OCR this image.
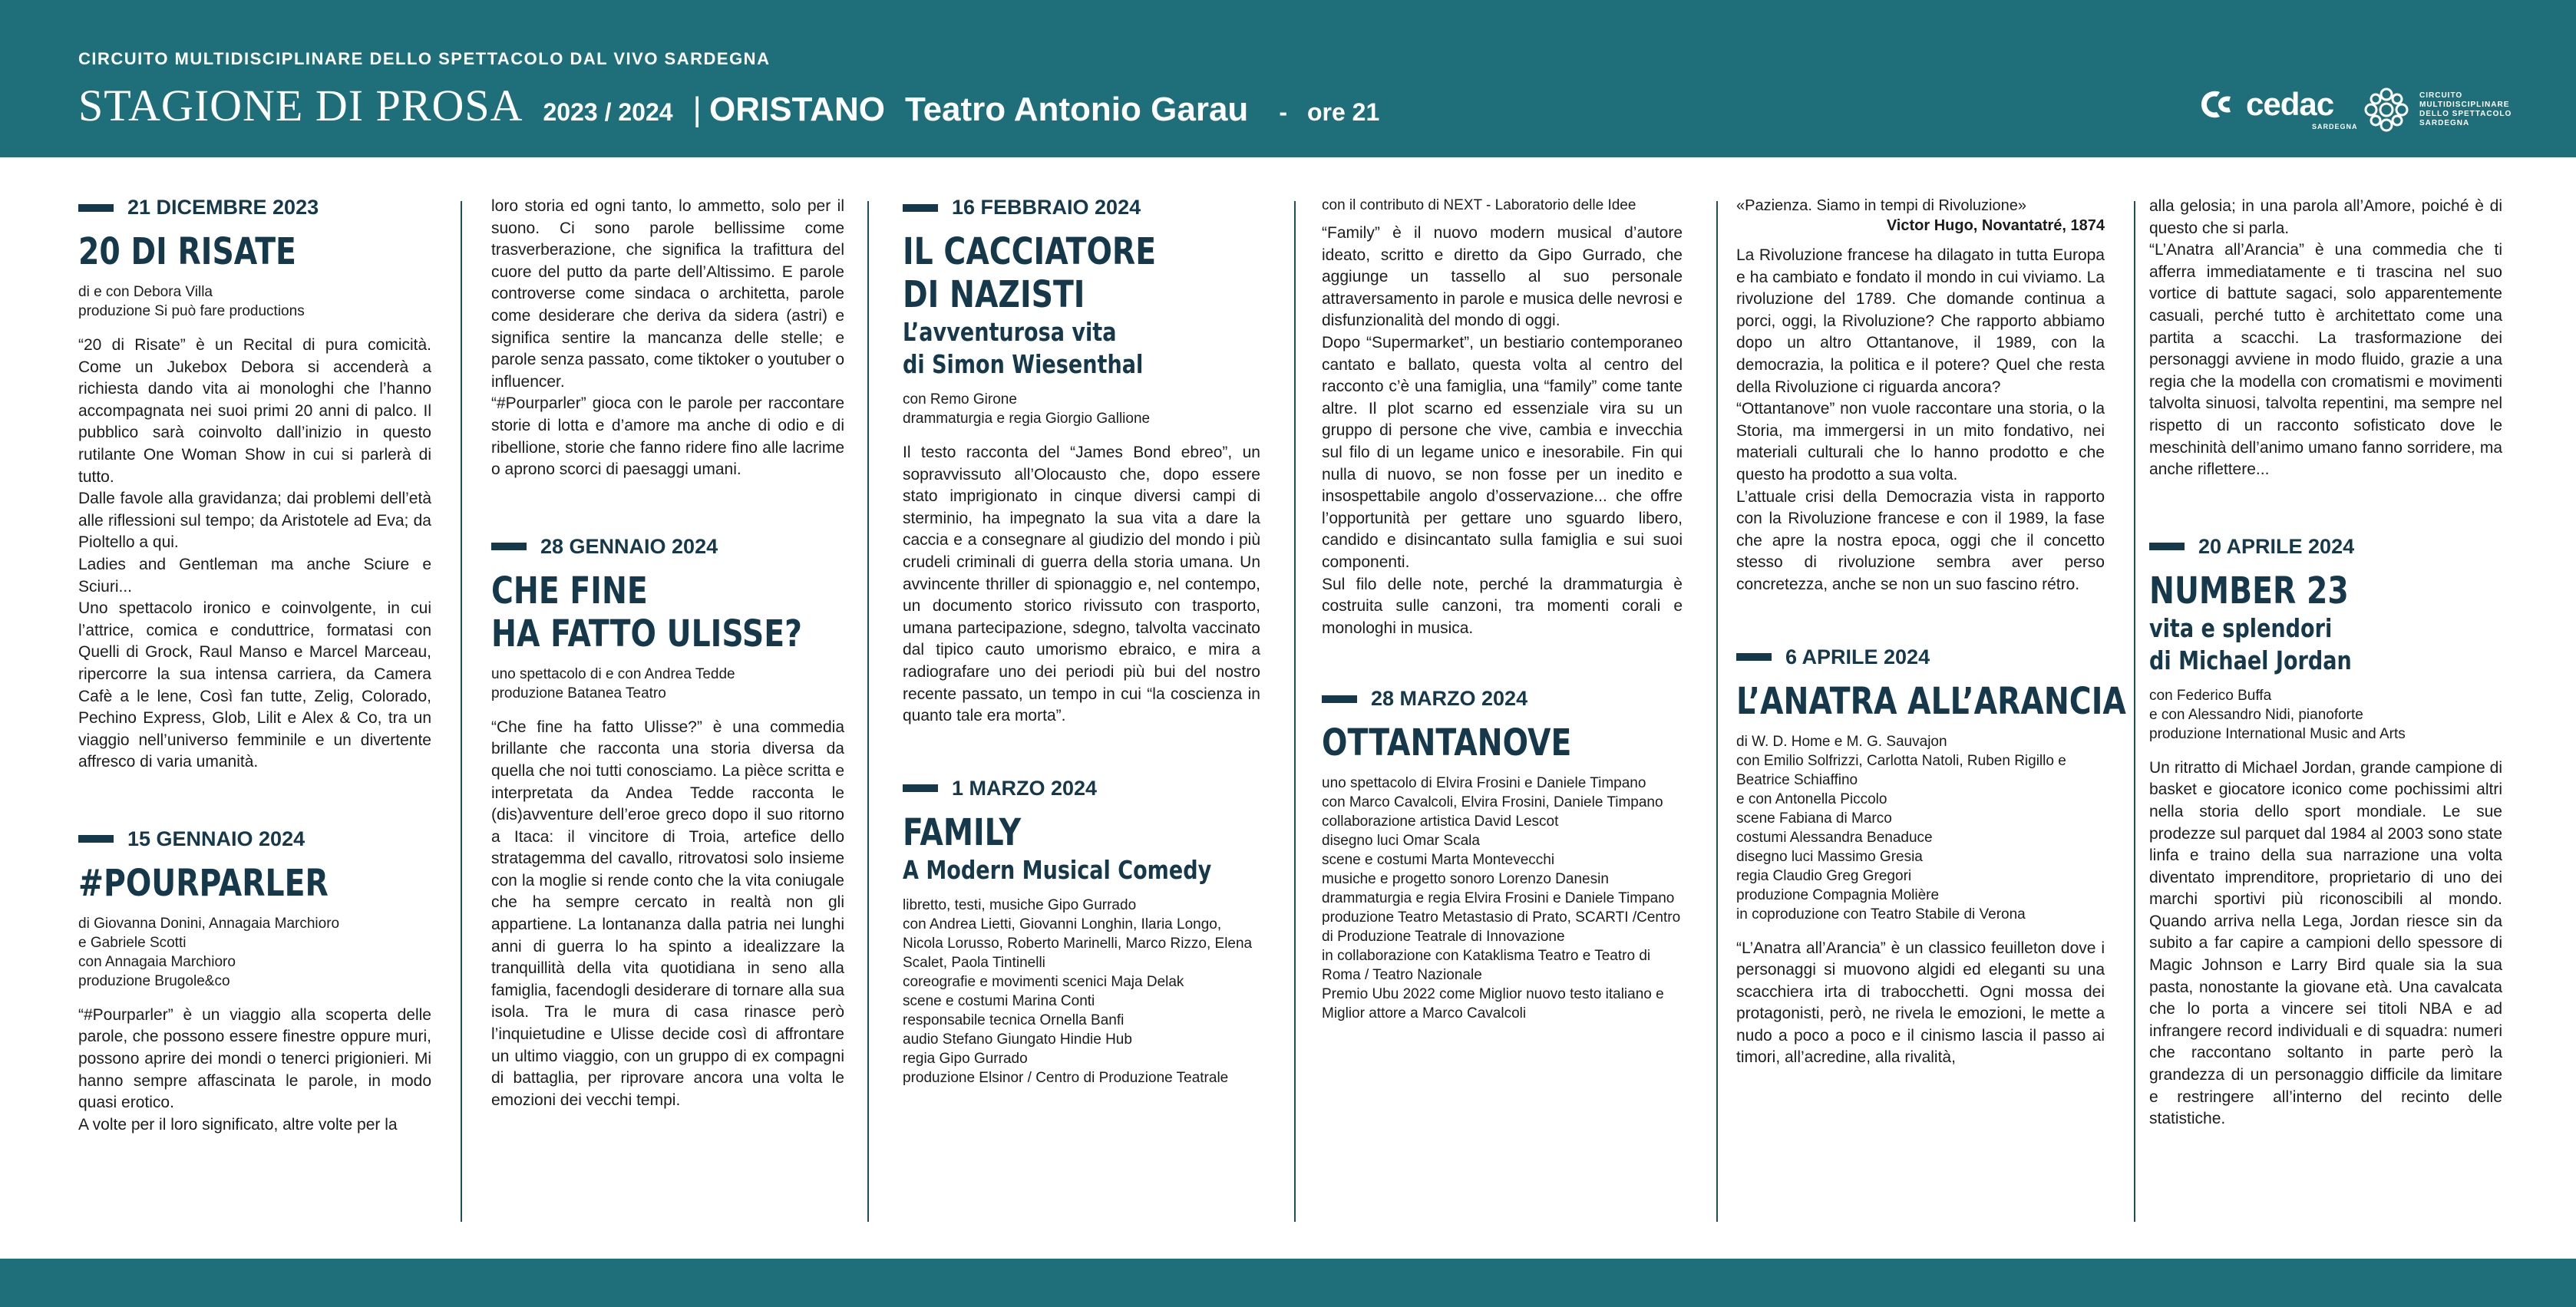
CIRCUITO MULTIDISCIPLINARE DELLO SPETTACOLO DAL VIVO SARDEGNA
STAGIONE DI PROSA 2023 / 2024 | ORISTANO Teatro Antonio Garau - ore 21	cedac
SARDEGNA
CIRCUITO MULTIDISCIPLINARE DELLO SPETTACOLO SARDEGNA
21 DICEMBRE 2023
20 DI RISATE

di e con Debora Villa

produzione Si può fare productions

“20 di Risate” è un Recital di pura comicità. Come un Jukebox Debora si accenderà a richiesta dando vita ai monologhi che l’hanno accompagnata nei suoi primi 20 anni di palco. Il pubblico sarà coinvolto dall’inizio in questo rutilante One Woman Show in cui si parlerà di tutto.

Dalle favole alla gravidanza; dai problemi dell’età alle riflessioni sul tempo; da Aristotele ad Eva; da Pioltello a qui.

Ladies and Gentleman ma anche Sciure e Sciuri...

Uno spettacolo ironico e coinvolgente, in cui l’attrice, comica e conduttrice, formatasi con Quelli di Grock, Raul Manso e Marcel Marceau, ripercorre la sua intensa carriera, da Camera Cafè a le lene, Così fan tutte, Zelig, Colorado, Pechino Express, Glob, Lilit e Alex & Co, tra un viaggio nell’universo femminile e un divertente affresco di varia umanità.

15 GENNAIO 2024
#POURPARLER

di Giovanna Donini, Annagaia Marchioro

e Gabriele Scotti

con Annagaia Marchioro

produzione Brugole&co

“#Pourparler” è un viaggio alla scoperta delle parole, che possono essere finestre oppure muri, possono aprire dei mondi o tenerci prigionieri. Mi hanno sempre affascinata le parole, in modo quasi erotico.

A volte per il loro significato, altre volte per la

loro storia ed ogni tanto, lo ammetto, solo per il suono. Ci sono parole bellissime come trasverberazione, che significa la trafittura del cuore del putto da parte dell’Altissimo. E parole controverse come sindaca o architetta, parole come desiderare che deriva da sidera (astri) e significa sentire la mancanza delle stelle; e parole senza passato, come tiktoker o youtuber o influencer.

“#Pourparler” gioca con le parole per raccontare storie di lotta e d’amore ma anche di odio e di ribellione, storie che fanno ridere fino alle lacrime o aprono scorci di paesaggi umani.

28 GENNAIO 2024
CHE FINE
HA FATTO ULISSE?

uno spettacolo di e con Andrea Tedde

produzione Batanea Teatro

“Che fine ha fatto Ulisse?” è una commedia brillante che racconta una storia diversa da quella che noi tutti conosciamo. La pièce scritta e interpretata da Andea Tedde racconta le (dis)avventure dell’eroe greco dopo il suo ritorno a Itaca: il vincitore di Troia, artefice dello stratagemma del cavallo, ritrovatosi solo insieme con la moglie si rende conto che la vita coniugale che ha sempre cercato in realtà non gli appartiene. La lontananza dalla patria nei lunghi anni di guerra lo ha spinto a idealizzare la tranquillità della vita quotidiana in seno alla famiglia, facendogli desiderare di tornare alla sua isola. Tra le mura di casa rinasce però l’inquietudine e Ulisse decide così di affrontare un ultimo viaggio, con un gruppo di ex compagni di battaglia, per riprovare ancora una volta le emozioni dei vecchi tempi.

16 FEBBRAIO 2024
IL CACCIATORE
DI NAZISTI
L’avventurosa vita
di Simon Wiesenthal

con Remo Girone

drammaturgia e regia Giorgio Gallione

Il testo racconta del “James Bond ebreo”, un sopravvissuto all’Olocausto che, dopo essere stato imprigionato in cinque diversi campi di sterminio, ha impegnato la sua vita a dare la caccia e a consegnare al giudizio del mondo i più crudeli criminali di guerra della storia umana. Un avvincente thriller di spionaggio e, nel contempo, un documento storico rivissuto con trasporto, umana partecipazione, sdegno, talvolta vaccinato dal tipico cauto umorismo ebraico, e mira a radiografare uno dei periodi più bui del nostro recente passato, un tempo in cui “la coscienza in quanto tale era morta”.

1 MARZO 2024
FAMILY
A Modern Musical Comedy

libretto, testi, musiche Gipo Gurrado

con Andrea Lietti, Giovanni Longhin, Ilaria Longo, Nicola Lorusso, Roberto Marinelli, Marco Rizzo, Elena Scalet, Paola Tintinelli

coreografie e movimenti scenici Maja Delak

scene e costumi Marina Conti

responsabile tecnica Ornella Banfi

audio Stefano Giungato Hindie Hub

regia Gipo Gurrado

produzione Elsinor / Centro di Produzione Teatrale

con il contributo di NEXT - Laboratorio delle Idee

“Family” è il nuovo modern musical d’autore ideato, scritto e diretto da Gipo Gurrado, che aggiunge un tassello al suo personale attraversamento in parole e musica delle nevrosi e disfunzionalità del mondo di oggi.

Dopo “Supermarket”, un bestiario contemporaneo cantato e ballato, questa volta al centro del racconto c’è una famiglia, una “family” come tante altre. Il plot scarno ed essenziale vira su un gruppo di persone che vive, cambia e invecchia sul filo di un legame unico e inesorabile. Fin qui nulla di nuovo, se non fosse per un inedito e insospettabile angolo d’osservazione... che offre l’opportunità per gettare uno sguardo libero, candido e disincantato sulla famiglia e sui suoi componenti.

Sul filo delle note, perché la drammaturgia è costruita sulle canzoni, tra momenti corali e monologhi in musica.

28 MARZO 2024
OTTANTANOVE

uno spettacolo di Elvira Frosini e Daniele Timpano

con Marco Cavalcoli, Elvira Frosini, Daniele Timpano

collaborazione artistica David Lescot

disegno luci Omar Scala

scene e costumi Marta Montevecchi

musiche e progetto sonoro Lorenzo Danesin

drammaturgia e regia Elvira Frosini e Daniele Timpano

produzione Teatro Metastasio di Prato, SCARTI /Centro di Produzione Teatrale di Innovazione

in collaborazione con Kataklisma Teatro e Teatro di Roma / Teatro Nazionale

Premio Ubu 2022 come Miglior nuovo testo italiano e Miglior attore a Marco Cavalcoli

«Pazienza. Siamo in tempi di Rivoluzione»
Victor Hugo, Novantatré, 1874

La Rivoluzione francese ha dilagato in tutta Europa e ha cambiato e fondato il mondo in cui viviamo. La rivoluzione del 1789. Che domande continua a porci, oggi, la Rivoluzione? Che rapporto abbiamo dopo un altro Ottantanove, il 1989, con la democrazia, la politica e il potere? Quel che resta della Rivoluzione ci riguarda ancora?

“Ottantanove” non vuole raccontare una storia, o la Storia, ma immergersi in un mito fondativo, nei materiali culturali che lo hanno prodotto e che questo ha prodotto a sua volta.

L’attuale crisi della Democrazia vista in rapporto con la Rivoluzione francese e con il 1989, la fase che apre la nostra epoca, oggi che il concetto stesso di rivoluzione sembra aver perso concretezza, anche se non un suo fascino rétro.

6 APRILE 2024
L’ANATRA ALL’ARANCIA

di W. D. Home e M. G. Sauvajon

con Emilio Solfrizzi, Carlotta Natoli, Ruben Rigillo e Beatrice Schiaffino

e con Antonella Piccolo

scene Fabiana di Marco

costumi Alessandra Benaduce

disegno luci Massimo Gresia

regia Claudio Greg Gregori

produzione Compagnia Molière

in coproduzione con Teatro Stabile di Verona

“L’Anatra all’Arancia” è un classico feuilleton dove i personaggi si muovono algidi ed eleganti su una scacchiera irta di trabocchetti. Ogni mossa dei protagonisti, però, ne rivela le emozioni, le mette a nudo a poco a poco e il cinismo lascia il passo ai timori, all’acredine, alla rivalità,

alla gelosia; in una parola all’Amore, poiché è di questo che si parla.

“L’Anatra all’Arancia” è una commedia che ti afferra immediatamente e ti trascina nel suo vortice di battute sagaci, solo apparentemente casuali, perché tutto è architettato come una partita a scacchi. La trasformazione dei personaggi avviene in modo fluido, grazie a una regia che la modella con cromatismi e movimenti talvolta sinuosi, talvolta repentini, ma sempre nel rispetto di un racconto sofisticato dove le meschinità dell’animo umano fanno sorridere, ma anche riflettere...

20 APRILE 2024
NUMBER 23
vita e splendori
di Michael Jordan

con Federico Buffa

e con Alessandro Nidi, pianoforte

produzione International Music and Arts

Un ritratto di Michael Jordan, grande campione di basket e giocatore iconico come pochissimi altri nella storia dello sport mondiale. Le sue prodezze sul parquet dal 1984 al 2003 sono state linfa e traino della sua narrazione una volta diventato imprenditore, proprietario di uno dei marchi sportivi più riconoscibili al mondo. Quando arriva nella Lega, Jordan riesce sin da subito a far capire a campioni dello spessore di Magic Johnson e Larry Bird quale sia la sua pasta, nonostante la giovane età. Una cavalcata che lo porta a vincere sei titoli NBA e ad infrangere record individuali e di squadra: numeri che raccontano soltanto in parte però la grandezza di un personaggio difficile da limitare e restringere all’interno del recinto delle statistiche.
